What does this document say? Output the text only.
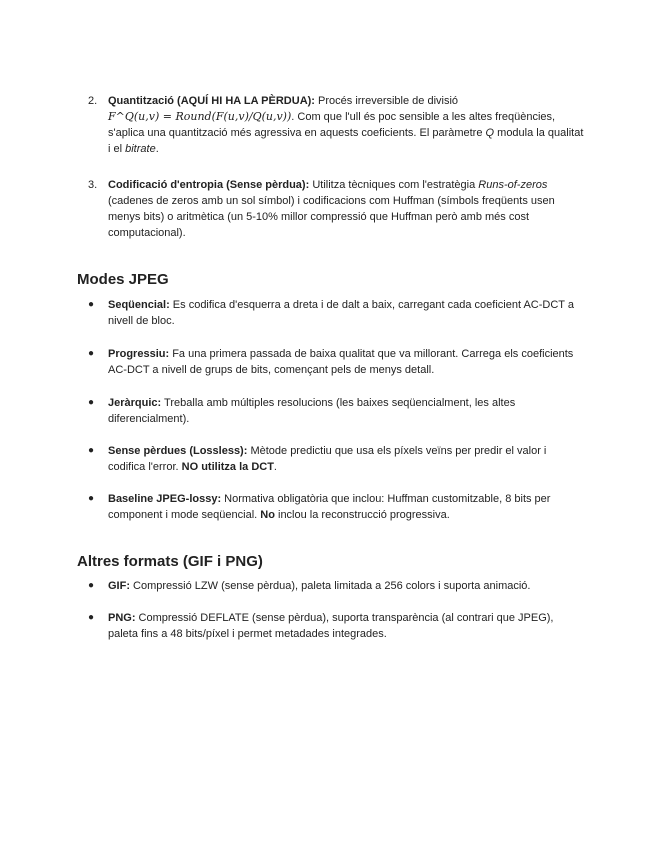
2. Quantització (AQUÍ HI HA LA PÈRDUA): Procés irreversible de divisió
F^Q(u,v) = Round(F(u,v)/Q(u,v)). Com que l'ull és poc sensible a les altes freqüències, s'aplica una quantització més agressiva en aquests coeficients. El paràmetre Q modula la qualitat i el bitrate.
3. Codificació d'entropia (Sense pèrdua): Utilitza tècniques com l'estratègia Runs-of-zeros (cadenes de zeros amb un sol símbol) i codificacions com Huffman (símbols freqüents usen menys bits) o aritmètica (un 5-10% millor compressió que Huffman però amb més cost computacional).
Modes JPEG
● Seqüencial: Es codifica d'esquerra a dreta i de dalt a baix, carregant cada coeficient AC-DCT a nivell de bloc.
● Progressiu: Fa una primera passada de baixa qualitat que va millorant. Carrega els coeficients AC-DCT a nivell de grups de bits, començant pels de menys detall.
● Jeràrquic: Treballa amb múltiples resolucions (les baixes seqüencialment, les altes diferencialment).
● Sense pèrdues (Lossless): Mètode predictiu que usa els píxels veïns per predir el valor i codifica l'error. NO utilitza la DCT.
● Baseline JPEG-lossy: Normativa obligatòria que inclou: Huffman customitzable, 8 bits per component i mode seqüencial. No inclou la reconstrucció progressiva.
Altres formats (GIF i PNG)
● GIF: Compressió LZW (sense pèrdua), paleta limitada a 256 colors i suporta animació.
● PNG: Compressió DEFLATE (sense pèrdua), suporta transparència (al contrari que JPEG), paleta fins a 48 bits/píxel i permet metadades integrades.
